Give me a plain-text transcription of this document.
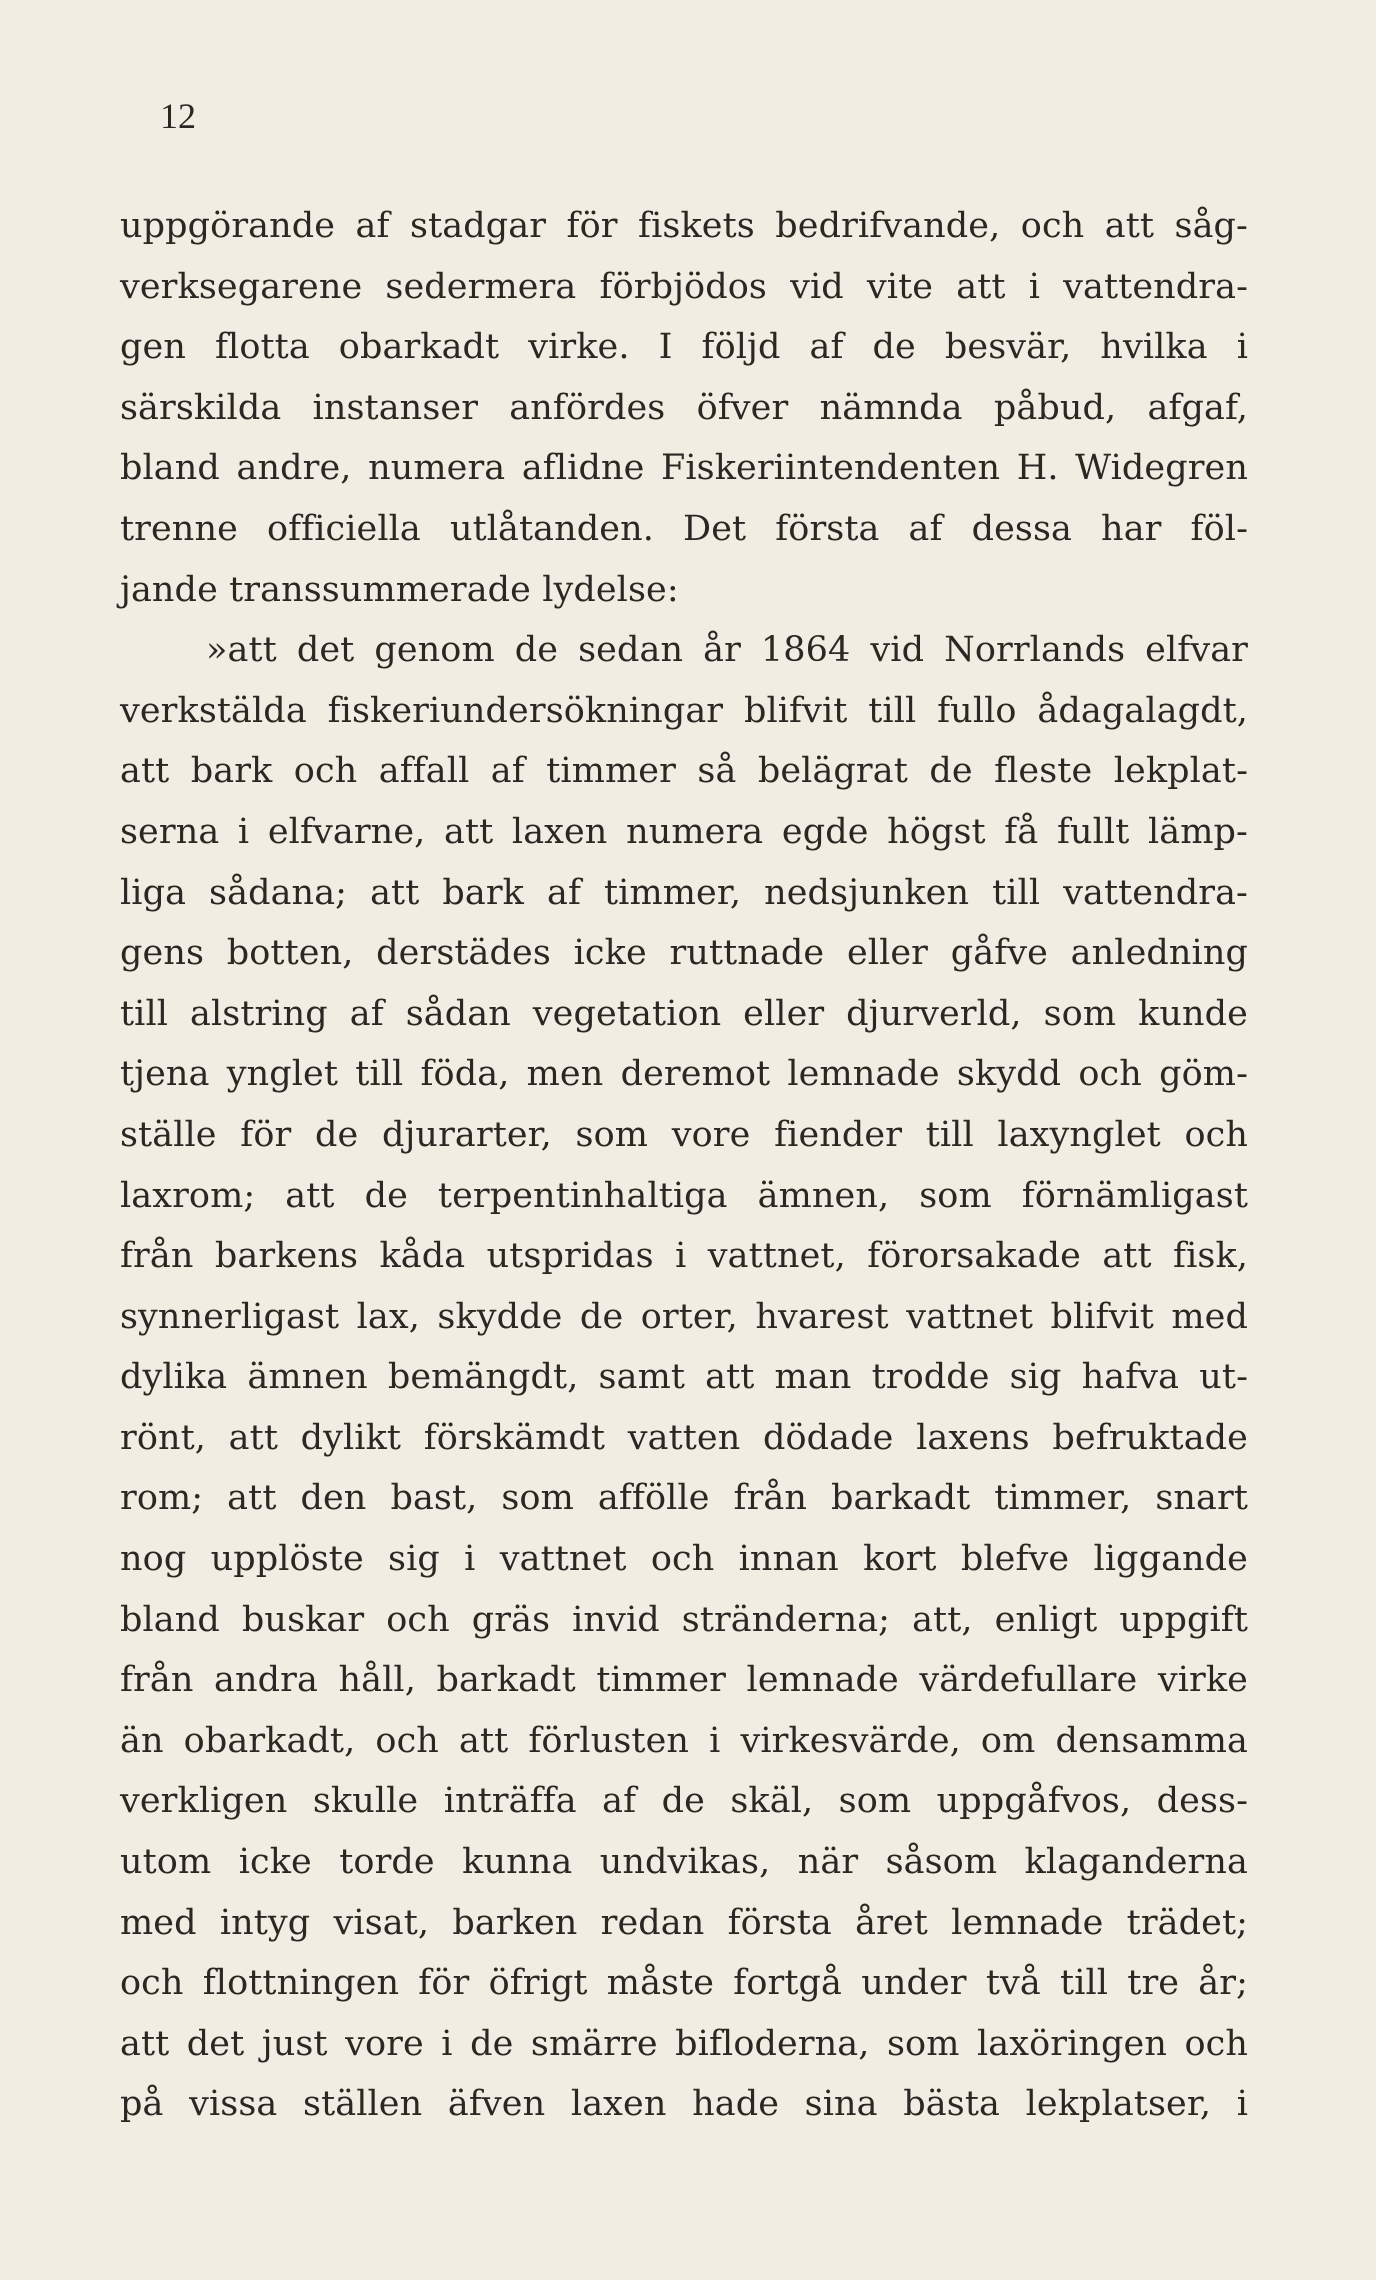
12
uppgörande af stadgar för fiskets bedrifvande, och att såg-
verksegarene sedermera förbjödos vid vite att i vattendra-
gen flotta obarkadt virke. I följd af de besvär, hvilka i
särskilda instanser anfördes öfver nämnda påbud, afgaf,
bland andre, numera aflidne Fiskeriintendenten H. Widegren
trenne officiella utlåtanden. Det första af dessa har föl-
jande transsummerade lydelse:
»att det genom de sedan år 1864 vid Norrlands elfvar
verkstälda fiskeriundersökningar blifvit till fullo ådagalagdt,
att bark och affall af timmer så belägrat de fleste lekplat-
serna i elfvarne, att laxen numera egde högst få fullt lämp-
liga sådana; att bark af timmer, nedsjunken till vattendra-
gens botten, derstädes icke ruttnade eller gåfve anledning
till alstring af sådan vegetation eller djurverld, som kunde
tjena ynglet till föda, men deremot lemnade skydd och göm-
ställe för de djurarter, som vore fiender till laxynglet och
laxrom; att de terpentinhaltiga ämnen, som förnämligast
från barkens kåda utspridas i vattnet, förorsakade att fisk,
synnerligast lax, skydde de orter, hvarest vattnet blifvit med
dylika ämnen bemängdt, samt att man trodde sig hafva ut-
rönt, att dylikt förskämdt vatten dödade laxens befruktade
rom; att den bast, som affölle från barkadt timmer, snart
nog upplöste sig i vattnet och innan kort blefve liggande
bland buskar och gräs invid stränderna; att, enligt uppgift
från andra håll, barkadt timmer lemnade värdefullare virke
än obarkadt, och att förlusten i virkesvärde, om densamma
verkligen skulle inträffa af de skäl, som uppgåfvos, dess-
utom icke torde kunna undvikas, när såsom klaganderna
med intyg visat, barken redan första året lemnade trädet;
och flottningen för öfrigt måste fortgå under två till tre år;
att det just vore i de smärre bifloderna, som laxöringen och
på vissa ställen äfven laxen hade sina bästa lekplatser, i
